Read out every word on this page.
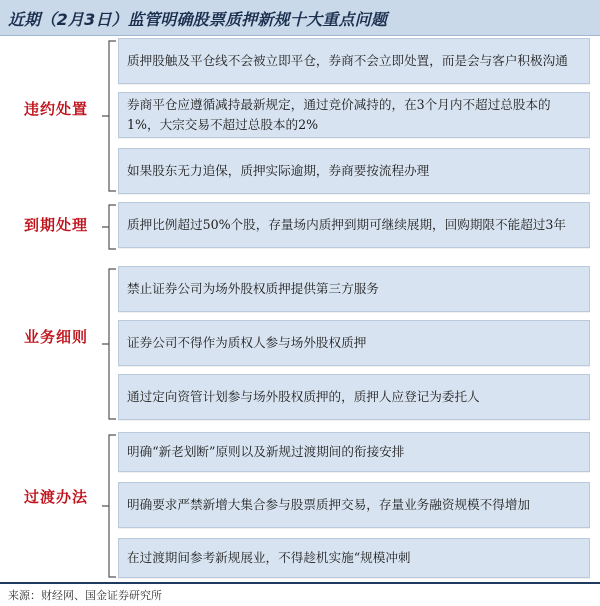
近期（2月3日）监管明确股票质押新规十大重点问题
违约处置
质押股触及平仓线不会被立即平仓，券商不会立即处置，而是会与客户积极沟通
券商平仓应遵循减持最新规定，通过竞价减持的，在3个月内不超过总股本的1%，大宗交易不超过总股本的2%
如果股东无力追保，质押实际逾期，券商要按流程办理
到期处理	质押比例超过50%个股，存量场内质押到期可继续展期，回购期限不能超过3年
业务细则
禁止证券公司为场外股权质押提供第三方服务
证券公司不得作为质权人参与场外股权质押
通过定向资管计划参与场外股权质押的，质押人应登记为委托人
过渡办法
明确“新老划断”原则以及新规过渡期间的衔接安排
明确要求严禁新增大集合参与股票质押交易，存量业务融资规模不得增加
在过渡期间参考新规展业，不得趁机实施“规模冲刺
来源：财经网、国金证券研究所
